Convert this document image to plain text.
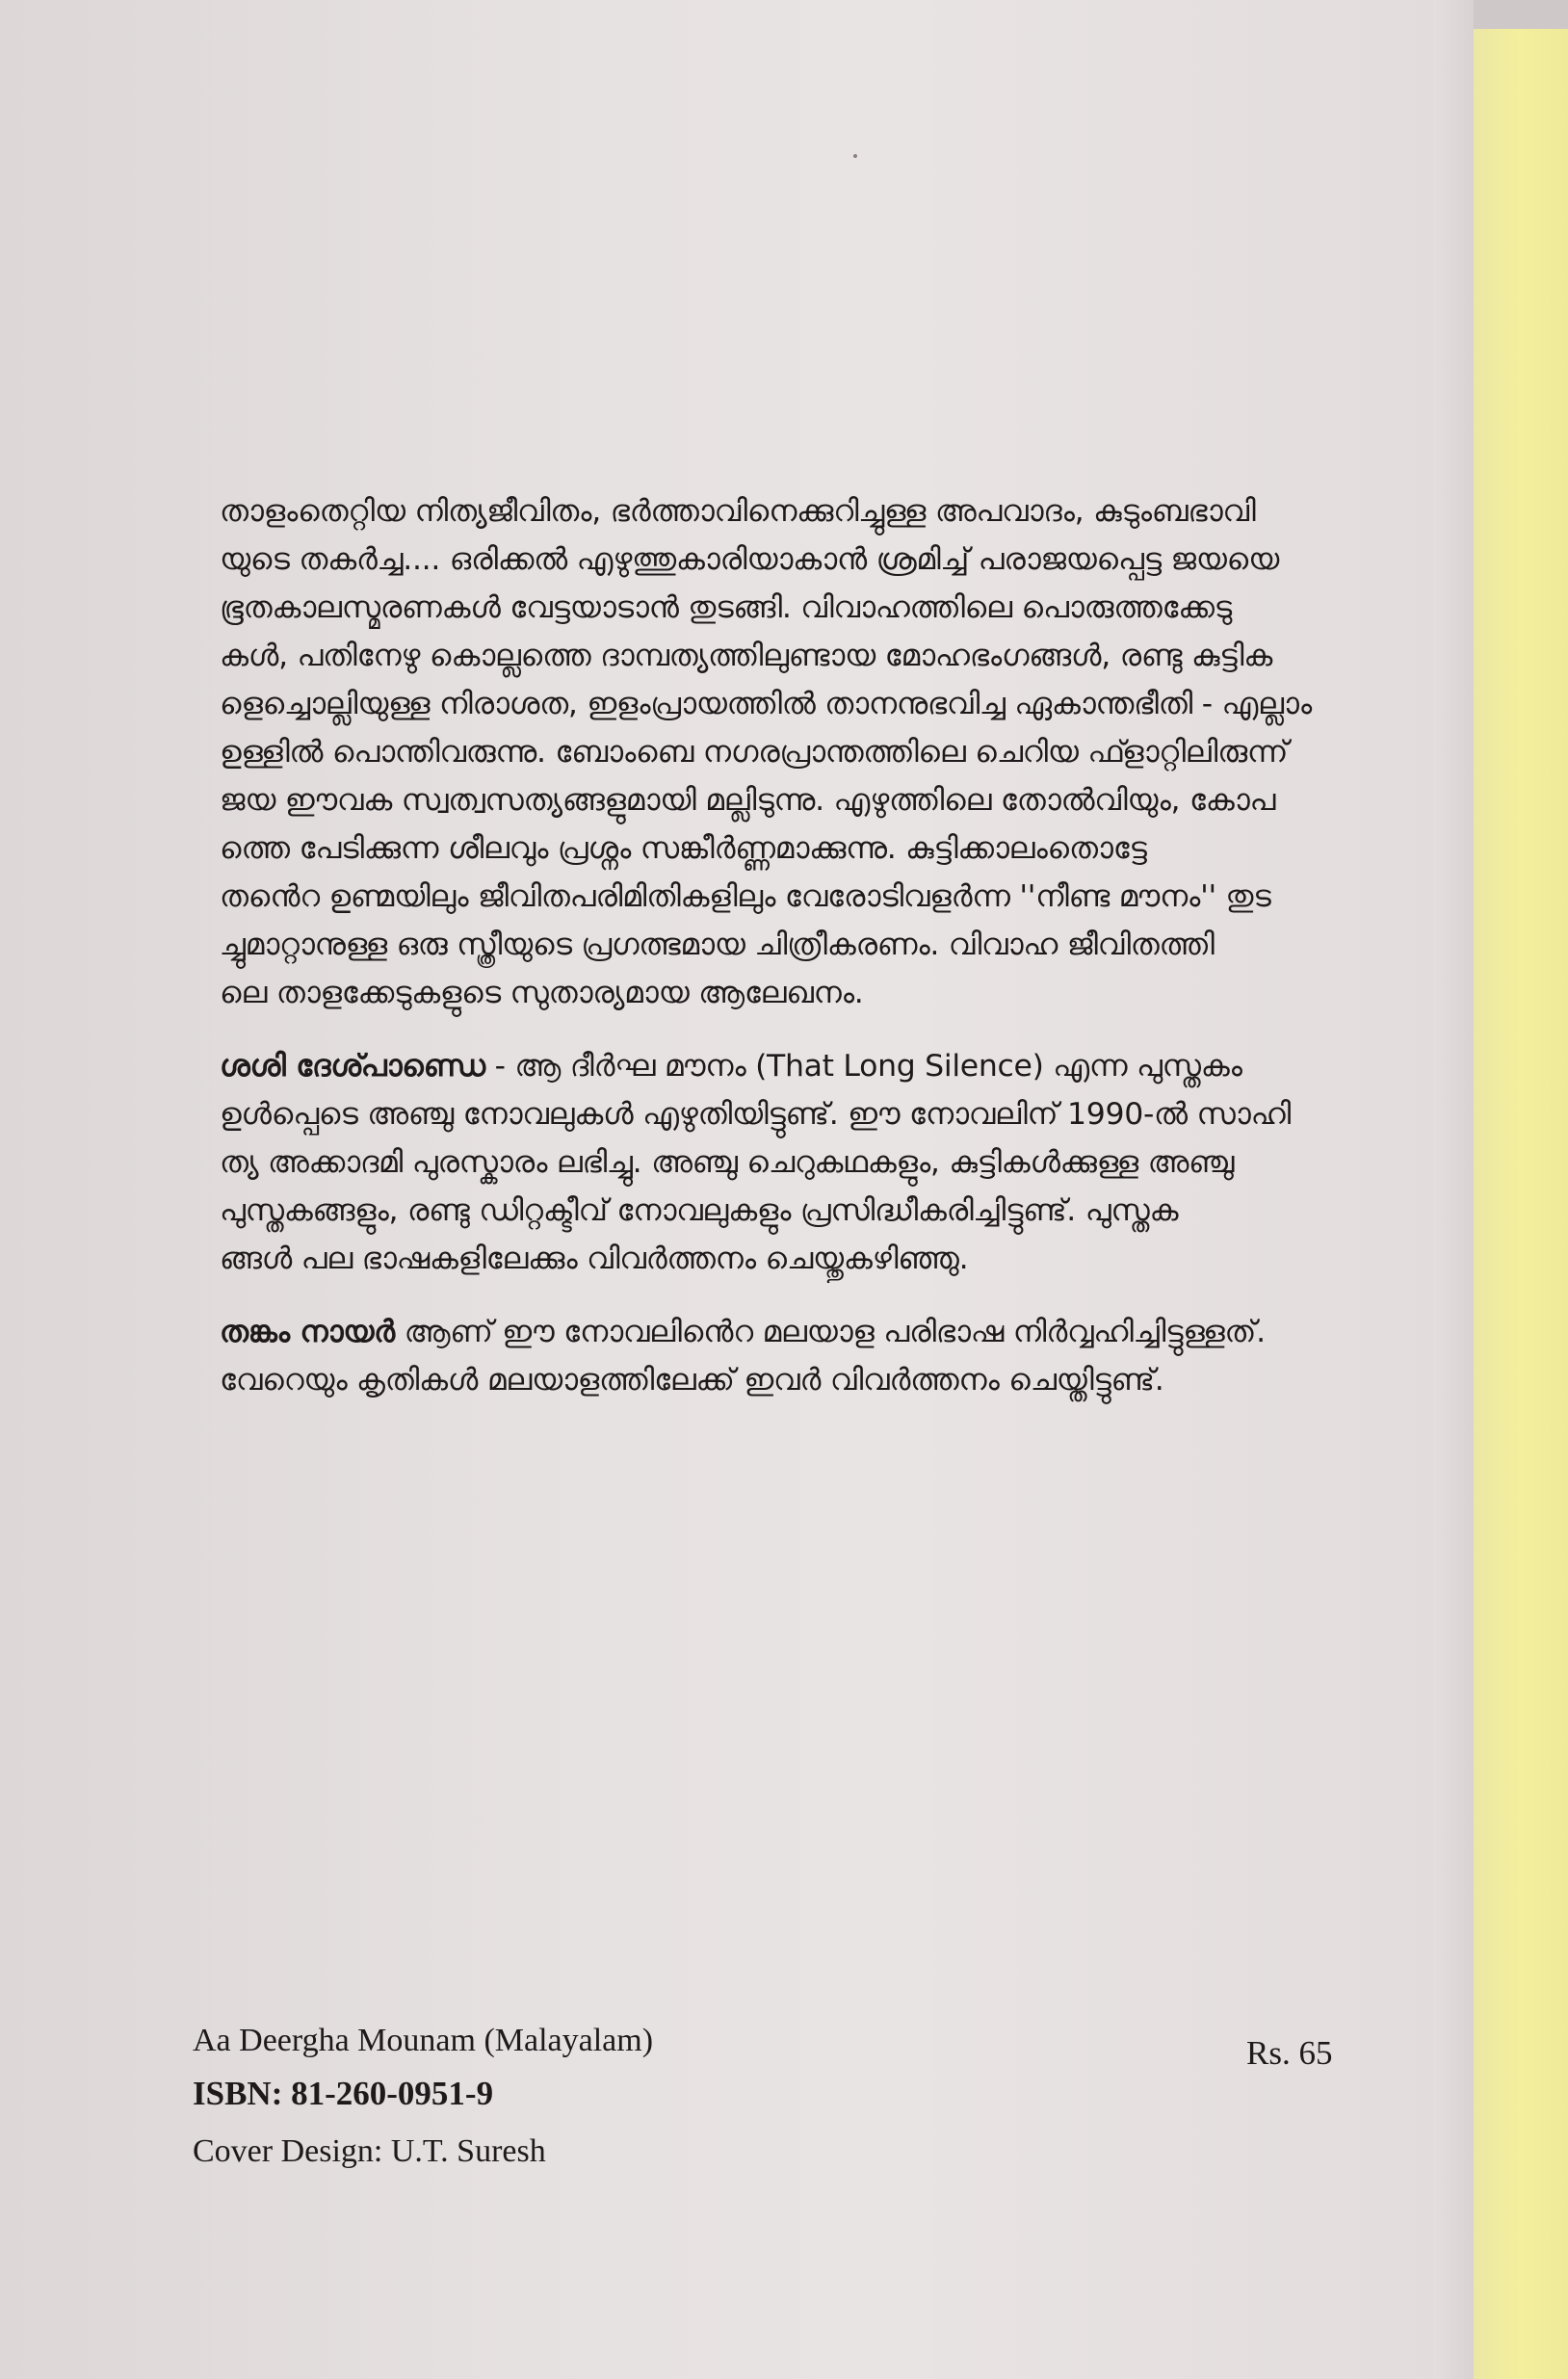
താളംതെറ്റിയ നിത്യജീവിതം, ഭർത്താവിനെക്കുറിച്ചുള്ള അപവാദം, കുടുംബഭാവി
യുടെ തകർച്ച.... ഒരിക്കൽ എഴുത്തുകാരിയാകാൻ ശ്രമിച്ച് പരാജയപ്പെട്ട ജയയെ
ഭൂതകാലസ്മരണകൾ വേട്ടയാടാൻ തുടങ്ങി. വിവാഹത്തിലെ പൊരുത്തക്കേടു
കൾ, പതിനേഴു കൊല്ലത്തെ ദാമ്പത്യത്തിലുണ്ടായ മോഹഭംഗങ്ങൾ, രണ്ടു കുട്ടിക
ളെച്ചൊല്ലിയുള്ള നിരാശത, ഇളംപ്രായത്തിൽ താനനുഭവിച്ച ഏകാന്തഭീതി - എല്ലാം
ഉള്ളിൽ പൊന്തിവരുന്നു. ബോംബെ നഗരപ്രാന്തത്തിലെ ചെറിയ ഫ്ളാറ്റിലിരുന്ന്
ജയ ഈവക സ്വത്വസത്യങ്ങളുമായി മല്ലിടുന്നു. എഴുത്തിലെ തോൽവിയും, കോപ
ത്തെ പേടിക്കുന്ന ശീലവും പ്രശ്നം സങ്കീർണ്ണമാക്കുന്നു. കുട്ടിക്കാലംതൊട്ടേ
തൻെറ ഉണ്മയിലും ജീവിതപരിമിതികളിലും വേരോടിവളർന്ന ''നീണ്ട മൗനം'' തുട
ച്ചുമാറ്റാനുള്ള ഒരു സ്ത്രീയുടെ പ്രഗത്ഭമായ ചിത്രീകരണം. വിവാഹ ജീവിതത്തി
ലെ താളക്കേടുകളുടെ സുതാര്യമായ ആലേഖനം.
ശശി ദേശ്പാണ്ഡെ - ആ ദീർഘ മൗനം (That Long Silence) എന്ന പുസ്തകം
ഉൾപ്പെടെ അഞ്ചു നോവലുകൾ എഴുതിയിട്ടുണ്ട്. ഈ നോവലിന് 1990-ൽ സാഹി
ത്യ അക്കാദമി പുരസ്കാരം ലഭിച്ചു. അഞ്ചു ചെറുകഥകളും, കുട്ടികൾക്കുള്ള അഞ്ചു
പുസ്തകങ്ങളും, രണ്ടു ഡിറ്റക്ടീവ് നോവലുകളും പ്രസിദ്ധീകരിച്ചിട്ടുണ്ട്. പുസ്തക
ങ്ങൾ പല ഭാഷകളിലേക്കും വിവർത്തനം ചെയ്തുകഴിഞ്ഞു.
തങ്കം നായർ ആണ് ഈ നോവലിൻെറ മലയാള പരിഭാഷ നിർവ്വഹിച്ചിട്ടുള്ളത്.
വേറെയും കൃതികൾ മലയാളത്തിലേക്ക് ഇവർ വിവർത്തനം ചെയ്തിട്ടുണ്ട്.
Aa Deergha Mounam (Malayalam)
ISBN: 81-260-0951-9
Cover Design: U.T. Suresh
Rs. 65
